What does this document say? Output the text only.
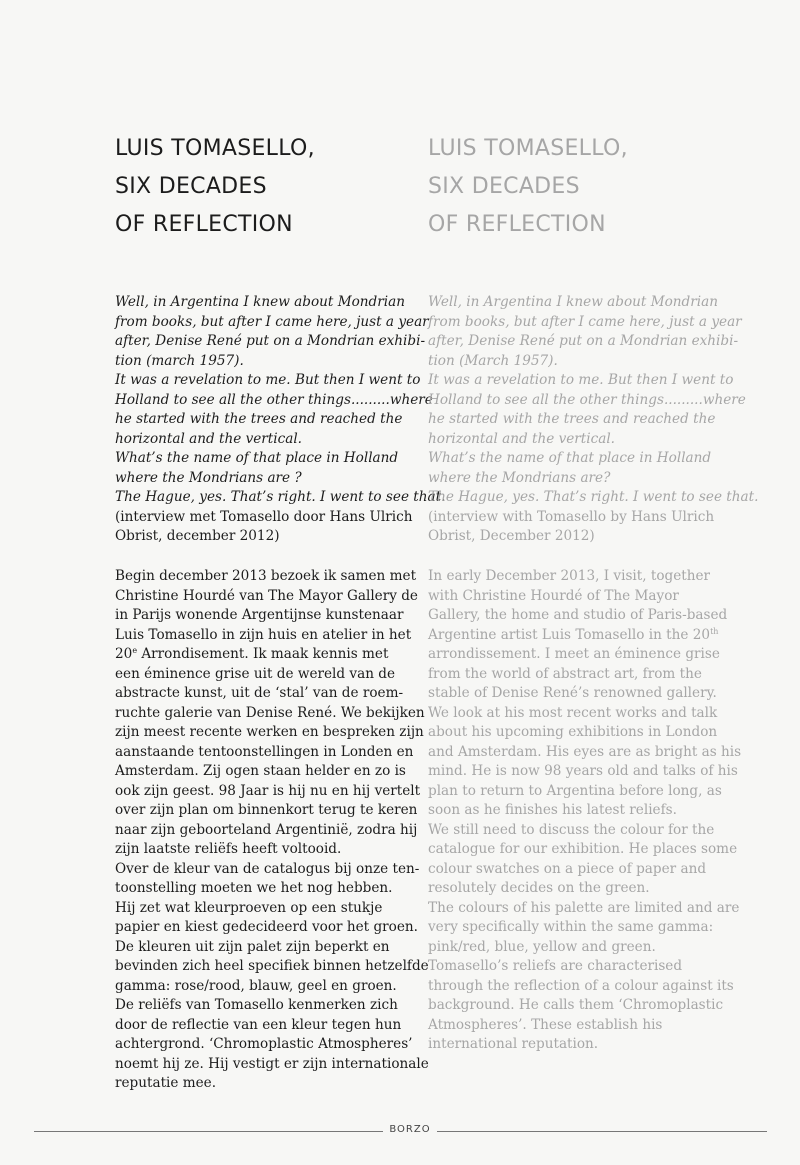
LUIS TOMASELLO,
SIX DECADES
OF REFLECTION
Well, in Argentina I knew about Mondrian
from books, but after I came here, just a year
after, Denise René put on a Mondrian exhibi-
tion (march 1957).
It was a revelation to me. But then I went to
Holland to see all the other things.........where
he started with the trees and reached the
horizontal and the vertical.
What’s the name of that place in Holland
where the Mondrians are ?
The Hague, yes. That’s right. I went to see that.
(interview met Tomasello door Hans Ulrich
Obrist, december 2012)
Begin december 2013 bezoek ik samen met
Christine Hourdé van The Mayor Gallery de
in Parijs wonende Argentijnse kunstenaar
Luis Tomasello in zijn huis en atelier in het
20e Arrondisement. Ik maak kennis met
een éminence grise uit de wereld van de
abstracte kunst, uit de ‘stal’ van de roem-
ruchte galerie van Denise René. We bekijken
zijn meest recente werken en bespreken zijn
aanstaande tentoonstellingen in Londen en
Amsterdam. Zij ogen staan helder en zo is
ook zijn geest. 98 Jaar is hij nu en hij vertelt
over zijn plan om binnenkort terug te keren
naar zijn geboorteland Argentinië, zodra hij
zijn laatste reliëfs heeft voltooid.
Over de kleur van de catalogus bij onze ten-
toonstelling moeten we het nog hebben.
Hij zet wat kleurproeven op een stukje
papier en kiest gedecideerd voor het groen.
De kleuren uit zijn palet zijn beperkt en
bevinden zich heel specifiek binnen hetzelfde
gamma: rose/rood, blauw, geel en groen.
De reliëfs van Tomasello kenmerken zich
door de reflectie van een kleur tegen hun
achtergrond. ‘Chromoplastic Atmospheres’
noemt hij ze. Hij vestigt er zijn internationale
reputatie mee.
LUIS TOMASELLO,
SIX DECADES
OF REFLECTION
Well, in Argentina I knew about Mondrian
from books, but after I came here, just a year
after, Denise René put on a Mondrian exhibi-
tion (March 1957).
It was a revelation to me. But then I went to
Holland to see all the other things.........where
he started with the trees and reached the
horizontal and the vertical.
What’s the name of that place in Holland
where the Mondrians are?
The Hague, yes. That’s right. I went to see that.
(interview with Tomasello by Hans Ulrich
Obrist, December 2012)
In early December 2013, I visit, together
with Christine Hourdé of The Mayor
Gallery, the home and studio of Paris-based
Argentine artist Luis Tomasello in the 20th
arrondissement. I meet an éminence grise
from the world of abstract art, from the
stable of Denise René’s renowned gallery.
We look at his most recent works and talk
about his upcoming exhibitions in London
and Amsterdam. His eyes are as bright as his
mind. He is now 98 years old and talks of his
plan to return to Argentina before long, as
soon as he finishes his latest reliefs.
We still need to discuss the colour for the
catalogue for our exhibition. He places some
colour swatches on a piece of paper and
resolutely decides on the green.
The colours of his palette are limited and are
very specifically within the same gamma:
pink/red, blue, yellow and green.
Tomasello’s reliefs are characterised
through the reflection of a colour against its
background. He calls them ‘Chromoplastic
Atmospheres’. These establish his
international reputation.
BORZO
